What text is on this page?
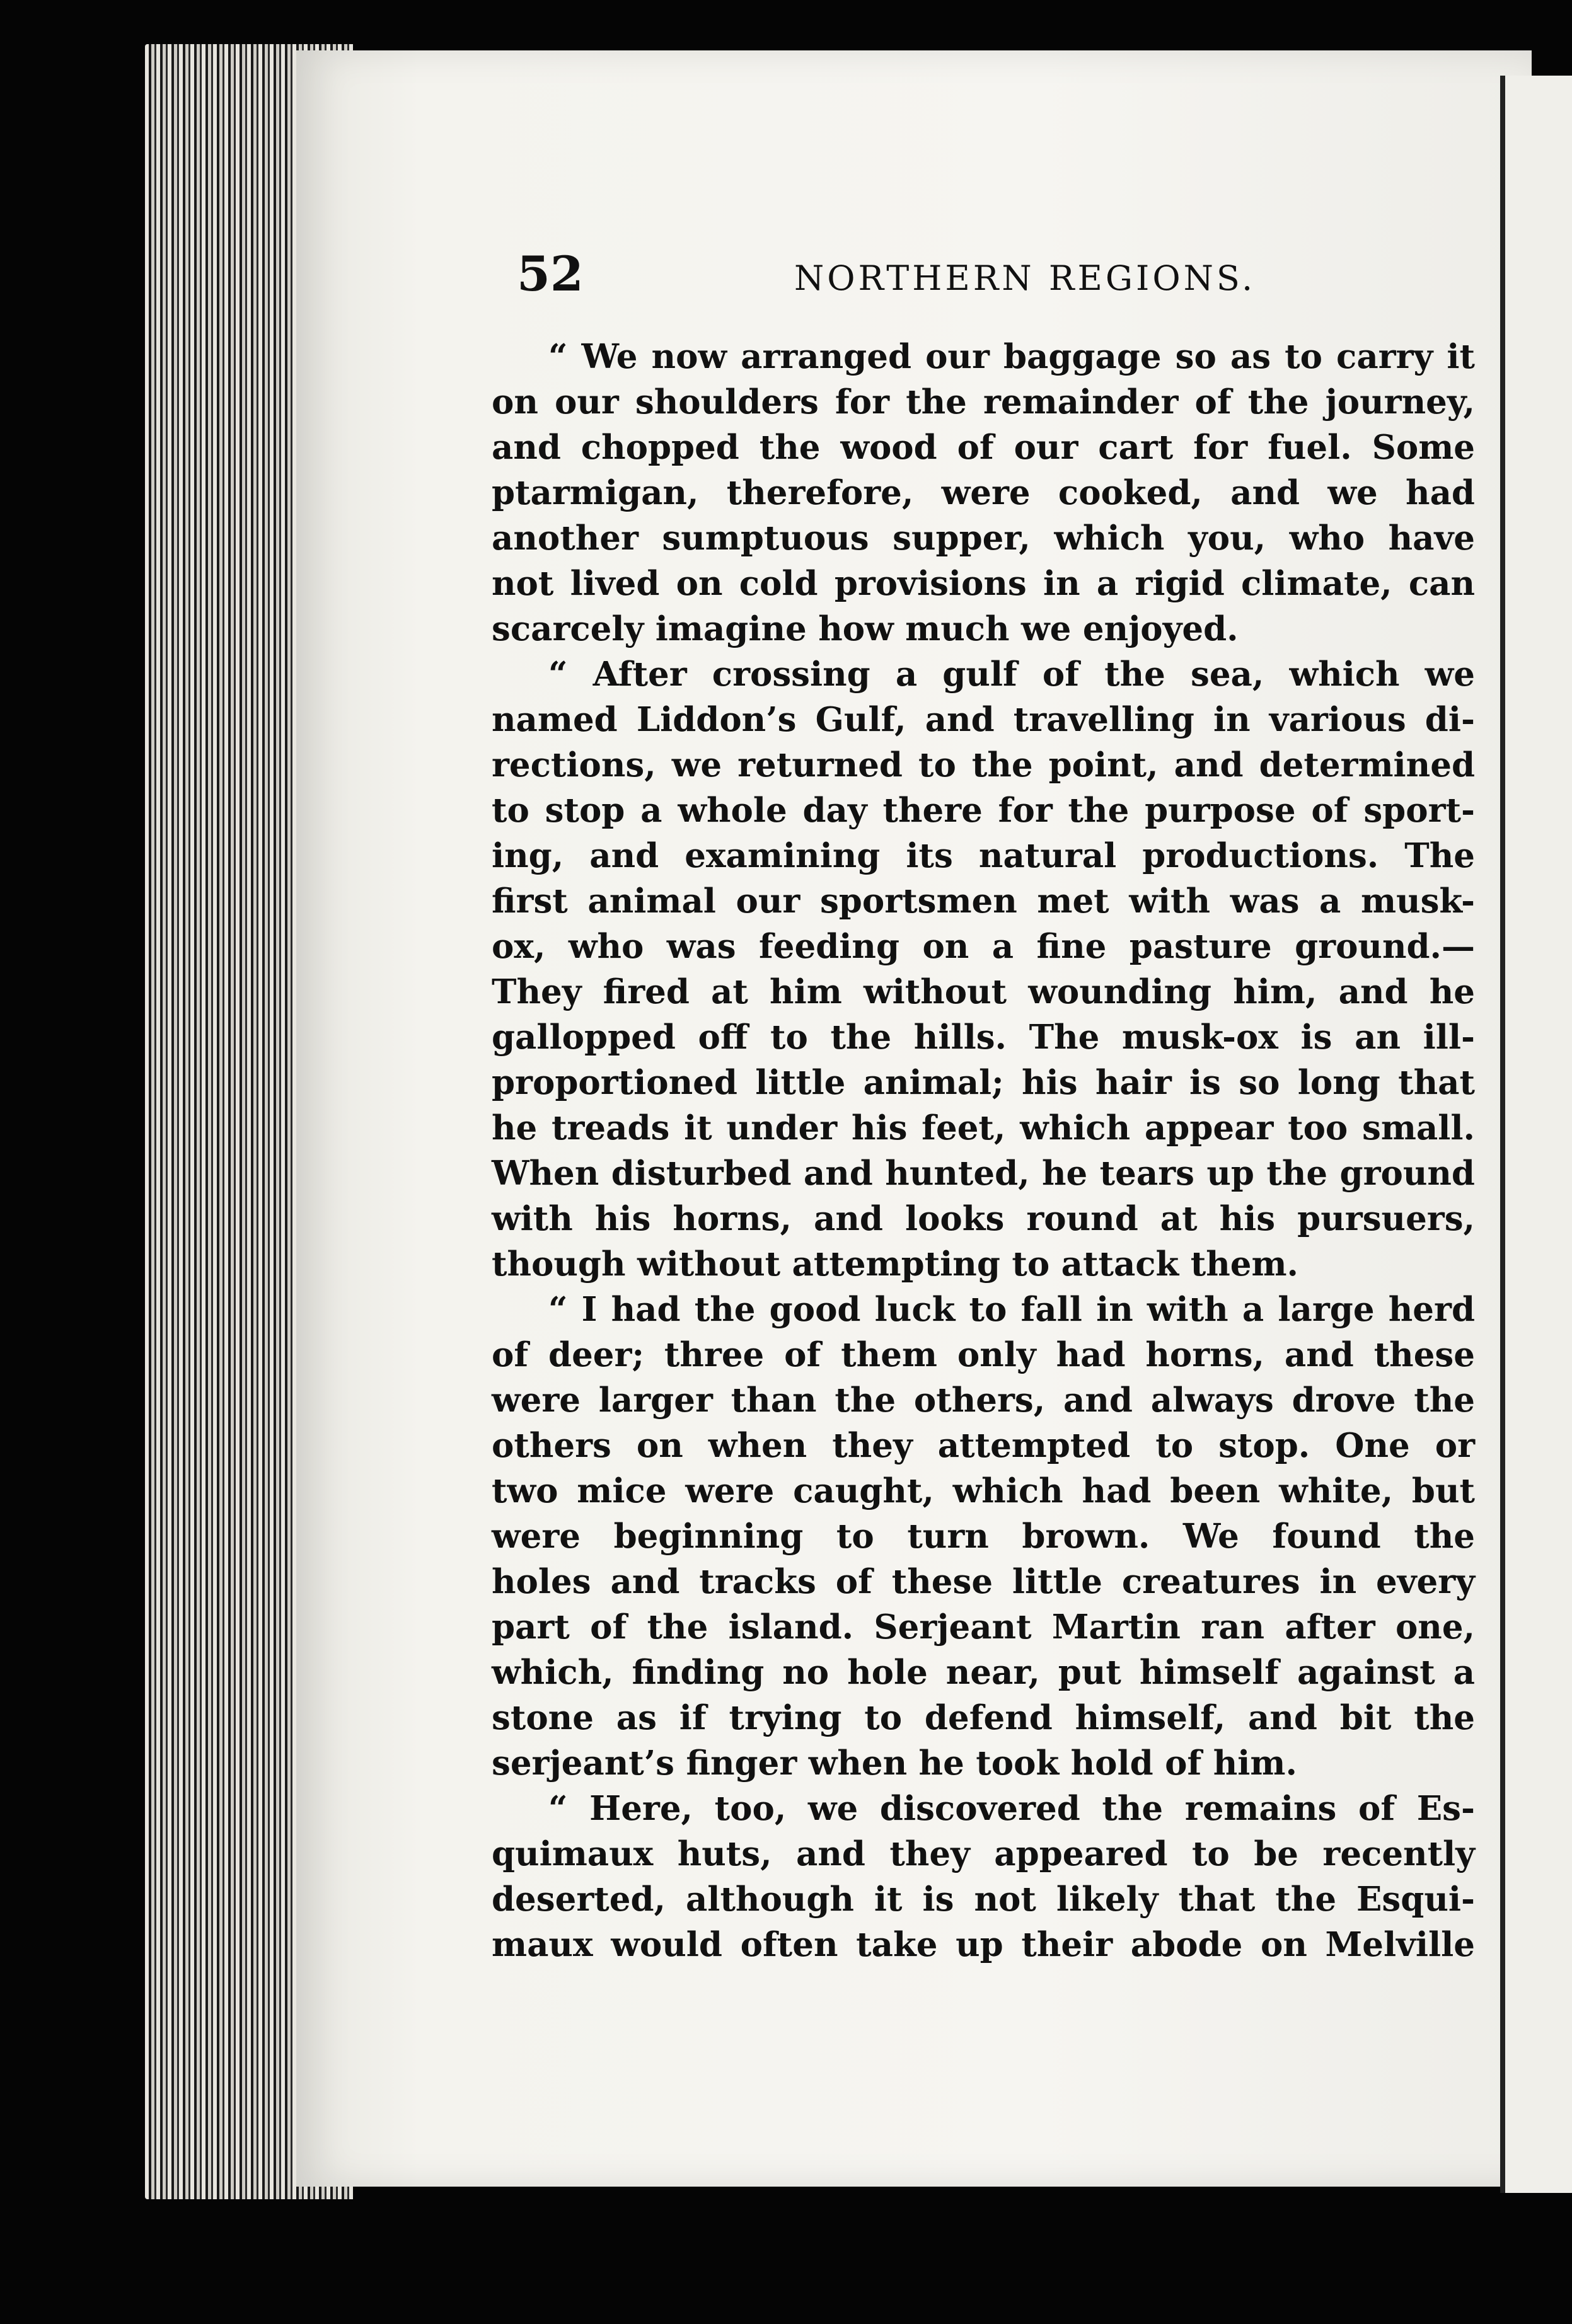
52	NORTHERN REGIONS.
“ We now arranged our baggage so as to carry it
on our shoulders for the remainder of the journey,
and chopped the wood of our cart for fuel. Some
ptarmigan, therefore, were cooked, and we had
another sumptuous supper, which you, who have
not lived on cold provisions in a rigid climate, can
scarcely imagine how much we enjoyed.
“ After crossing a gulf of the sea, which we
named Liddon’s Gulf, and travelling in various di-
rections, we returned to the point, and determined
to stop a whole day there for the purpose of sport-
ing, and examining its natural productions. The
first animal our sportsmen met with was a musk-
ox, who was feeding on a fine pasture ground.—
They fired at him without wounding him, and he
gallopped off to the hills. The musk-ox is an ill-
proportioned little animal; his hair is so long that
he treads it under his feet, which appear too small.
When disturbed and hunted, he tears up the ground
with his horns, and looks round at his pursuers,
though without attempting to attack them.
“ I had the good luck to fall in with a large herd
of deer; three of them only had horns, and these
were larger than the others, and always drove the
others on when they attempted to stop. One or
two mice were caught, which had been white, but
were beginning to turn brown. We found the
holes and tracks of these little creatures in every
part of the island. Serjeant Martin ran after one,
which, finding no hole near, put himself against a
stone as if trying to defend himself, and bit the
serjeant’s finger when he took hold of him.
“ Here, too, we discovered the remains of Es-
quimaux huts, and they appeared to be recently
deserted, although it is not likely that the Esqui-
maux would often take up their abode on Melville
